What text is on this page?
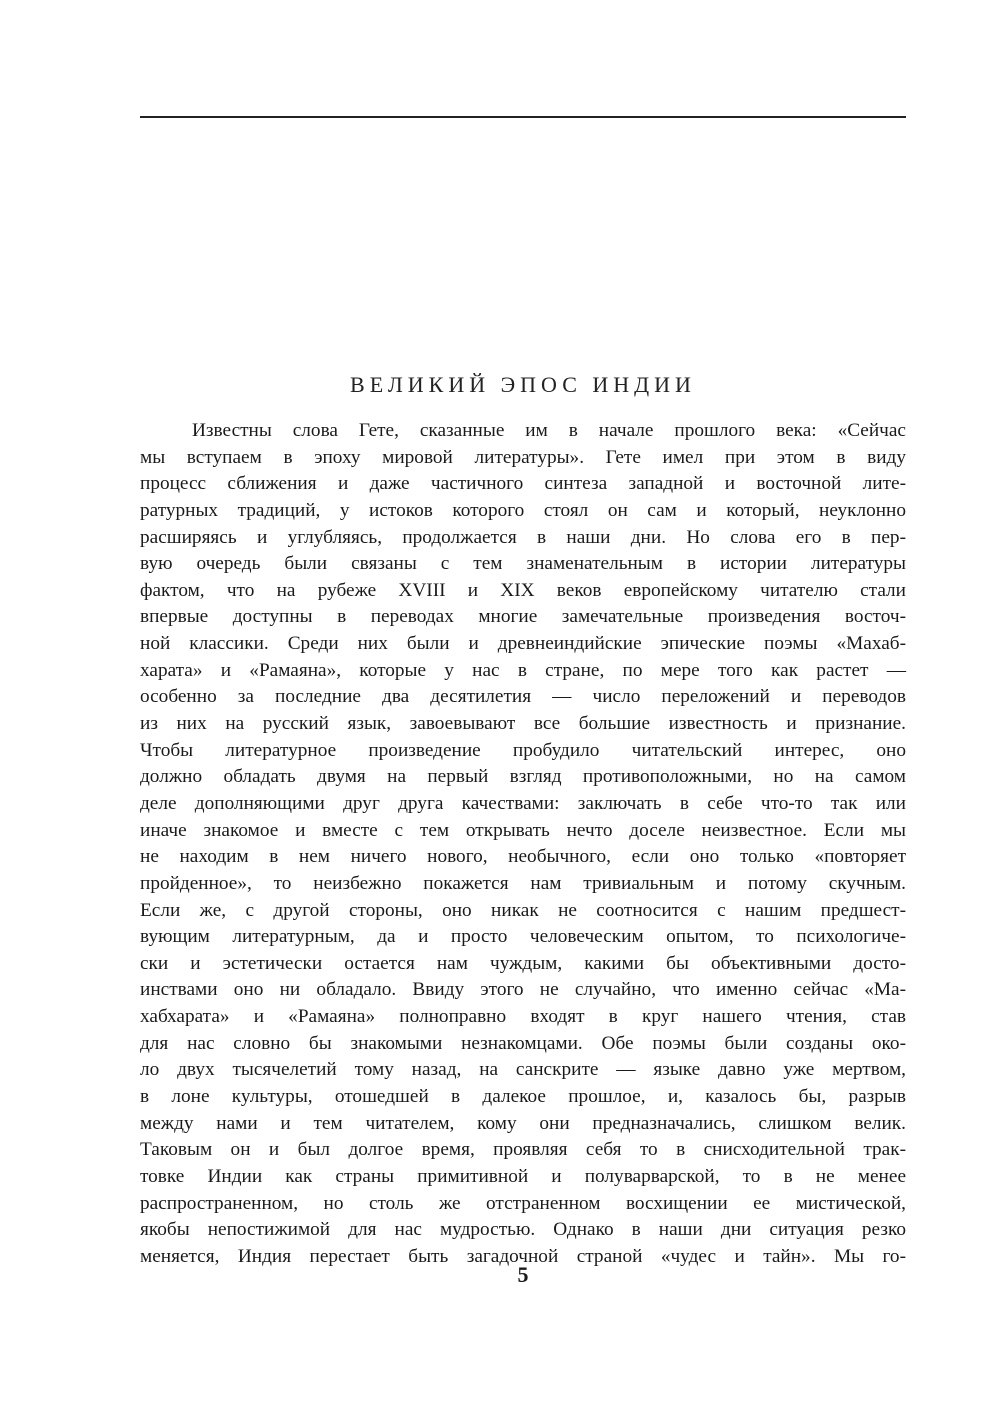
ВЕЛИКИЙ ЭПОС ИНДИИ
Известны слова Гете, сказанные им в начале прошлого века: «Сейчас
мы вступаем в эпоху мировой литературы». Гете имел при этом в виду
процесс сближения и даже частичного синтеза западной и восточной лите-
ратурных традиций, у истоков которого стоял он сам и который, неуклонно
расширяясь и углубляясь, продолжается в наши дни. Но слова его в пер-
вую очередь были связаны с тем знаменательным в истории литературы
фактом, что на рубеже XVIII и XIX веков европейскому читателю стали
впервые доступны в переводах многие замечательные произведения восточ-
ной классики. Среди них были и древнеиндийские эпические поэмы «Махаб-
харата» и «Рамаяна», которые у нас в стране, по мере того как растет —
особенно за последние два десятилетия — число переложений и переводов
из них на русский язык, завоевывают все большие известность и признание.
Чтобы литературное произведение пробудило читательский интерес, оно
должно обладать двумя на первый взгляд противоположными, но на самом
деле дополняющими друг друга качествами: заключать в себе что-то так или
иначе знакомое и вместе с тем открывать нечто доселе неизвестное. Если мы
не находим в нем ничего нового, необычного, если оно только «повторяет
пройденное», то неизбежно покажется нам тривиальным и потому скучным.
Если же, с другой стороны, оно никак не соотносится с нашим предшест-
вующим литературным, да и просто человеческим опытом, то психологиче-
ски и эстетически остается нам чуждым, какими бы объективными досто-
инствами оно ни обладало. Ввиду этого не случайно, что именно сейчас «Ма-
хабхарата» и «Рамаяна» полноправно входят в круг нашего чтения, став
для нас словно бы знакомыми незнакомцами. Обе поэмы были созданы око-
ло двух тысячелетий тому назад, на санскрите — языке давно уже мертвом,
в лоне культуры, отошедшей в далекое прошлое, и, казалось бы, разрыв
между нами и тем читателем, кому они предназначались, слишком велик.
Таковым он и был долгое время, проявляя себя то в снисходительной трак-
товке Индии как страны примитивной и полуварварской, то в не менее
распространенном, но столь же отстраненном восхищении ее мистической,
якобы непостижимой для нас мудростью. Однако в наши дни ситуация резко
меняется, Индия перестает быть загадочной страной «чудес и тайн». Мы го-
5
